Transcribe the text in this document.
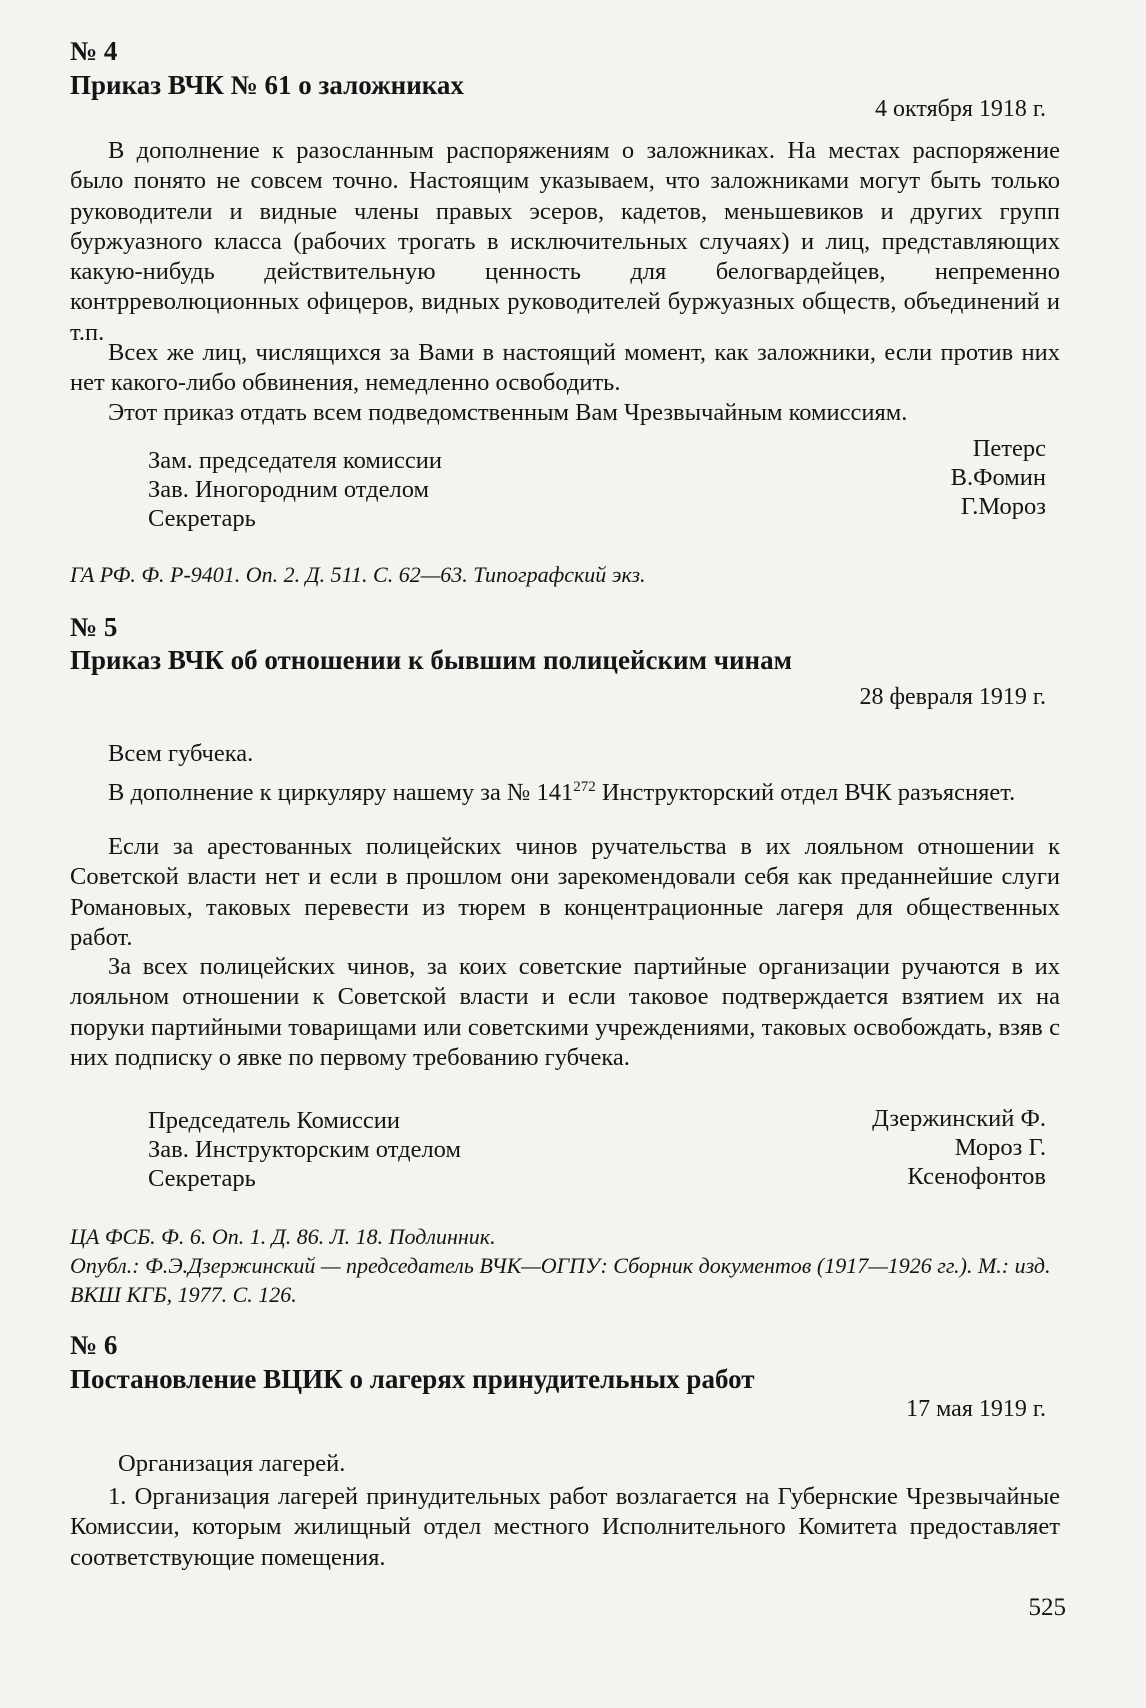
№ 4
Приказ ВЧК № 61 о заложниках
4 октября 1918 г.

В дополнение к разосланным распоряжениям о заложниках. На местах распоряжение было понято не совсем точно. Настоящим указываем, что заложниками могут быть только руководители и видные члены правых эсеров, кадетов, меньшевиков и других групп буржуазного класса (рабочих трогать в исключительных случаях) и лиц, представляющих какую-нибудь действительную ценность для белогвардейцев, непременно контрреволюционных офицеров, видных руководителей буржуазных обществ, объединений и т.п.

Всех же лиц, числящихся за Вами в настоящий момент, как заложники, если против них нет какого-либо обвинения, немедленно освободить.

Этот приказ отдать всем подведомственным Вам Чрезвычайным комиссиям.

Зам. председателя комиссии
Зав. Иногородним отделом
Секретарь
Петерс
В.Фомин
Г.Мороз
ГА РФ. Ф. Р-9401. Оп. 2. Д. 511. С. 62—63. Типографский экз.
№ 5
Приказ ВЧК об отношении к бывшим полицейским чинам
28 февраля 1919 г.
Всем губчека.

В дополнение к циркуляру нашему за № $141^{272}$ Инструкторский отдел ВЧК разъясняет.

Если за арестованных полицейских чинов ручательства в их лояльном отношении к Советской власти нет и если в прошлом они зарекомендовали себя как преданнейшие слуги Романовых, таковых перевести из тюрем в концентрационные лагеря для общественных работ.

За всех полицейских чинов, за коих советские партийные организации ручаются в их лояльном отношении к Советской власти и если таковое подтверждается взятием их на поруки партийными товарищами или советскими учреждениями, таковых освобождать, взяв с них подписку о явке по первому требованию губчека.

Председатель Комиссии
Зав. Инструкторским отделом
Секретарь
Дзержинский Ф.
Мороз Г.
Ксенофонтов
ЦА ФСБ. Ф. 6. Оп. 1. Д. 86. Л. 18. Подлинник.
Опубл.: Ф.Э.Дзержинский — председатель ВЧК—ОГПУ: Сборник документов (1917—1926 гг.). М.: изд. ВКШ КГБ, 1977. С. 126.
№ 6
Постановление ВЦИК о лагерях принудительных работ
17 мая 1919 г.
Организация лагерей.

1. Организация лагерей принудительных работ возлагается на Губернские Чрезвычайные Комиссии, которым жилищный отдел местного Исполнительного Комитета предоставляет соответствующие помещения.

525
